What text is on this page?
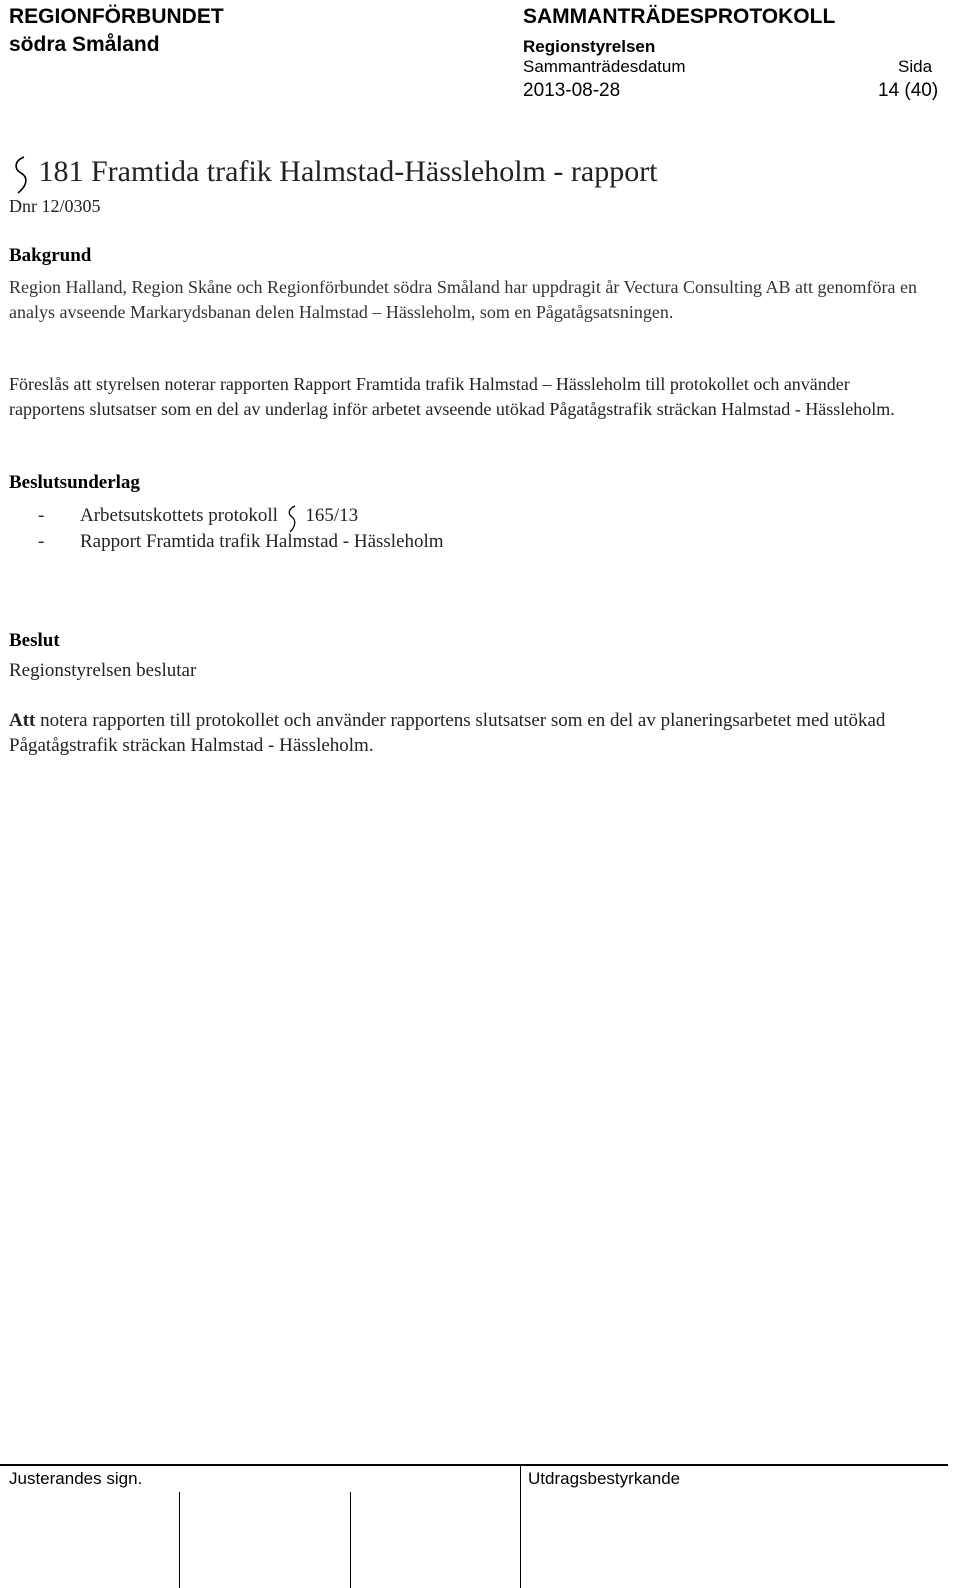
REGIONFÖRBUNDET
södra Småland
SAMMANTRÄDESPROTOKOLL
Regionstyrelsen
Sammanträdesdatum	Sida
2013-08-28	14 (40)
181 Framtida trafik Halmstad-Hässleholm - rapport
Dnr 12/0305
Bakgrund
Region Halland, Region Skåne och Regionförbundet södra Småland har uppdragit år Vectura Consulting AB att genomföra en analys avseende Markarydsbanan delen Halmstad – Hässleholm, som en Pågatågsatsningen.
Föreslås att styrelsen noterar rapporten Rapport Framtida trafik Halmstad – Hässleholm till protokollet och använder rapportens slutsatser som en del av underlag inför arbetet avseende utökad Pågatågstrafik sträckan Halmstad - Hässleholm.
Beslutsunderlag
- Arbetsutskottets protokoll 165/13
- Rapport Framtida trafik Halmstad - Hässleholm
Beslut
Regionstyrelsen beslutar
Att notera rapporten till protokollet och använder rapportens slutsatser som en del av planeringsarbetet med utökad Pågatågstrafik sträckan Halmstad - Hässleholm.
Justerandes sign.	Utdragsbestyrkande
